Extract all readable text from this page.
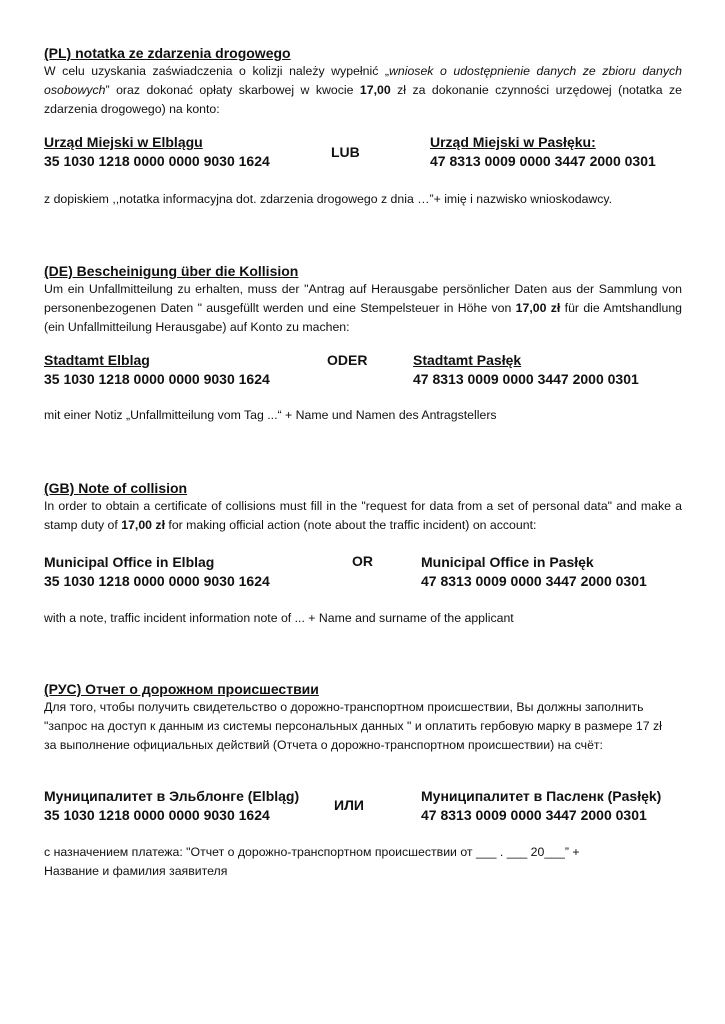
(PL) notatka ze zdarzenia drogowego
W celu uzyskania zaświadczenia o kolizji należy wypełnić „wniosek o udostępnienie danych ze zbioru danych osobowych” oraz dokonać opłaty skarbowej w kwocie 17,00 zł za dokonanie czynności urzędowej (notatka ze zdarzenia drogowego) na konto:
Urząd Miejski w Elblągu
35 1030 1218 0000 0000 9030 1624
LUB
Urząd Miejski w Pasłęku:
47 8313 0009 0000 3447 2000 0301
z dopiskiem ,,notatka informacyjna dot. zdarzenia drogowego z dnia …”+ imię i nazwisko wnioskodawcy.
(DE) Bescheinigung über die Kollision
Um ein Unfallmitteilung zu erhalten, muss der "Antrag auf Herausgabe persönlicher Daten aus der Sammlung von personenbezogenen Daten " ausgefüllt werden und eine Stempelsteuer in Höhe von 17,00 zł für die Amtshandlung (ein Unfallmitteilung Herausgabe) auf Konto zu machen:
Stadtamt Elblag
35 1030 1218 0000 0000 9030 1624
ODER	Stadtamt Pasłęk
47 8313 0009 0000 3447 2000 0301
mit einer Notiz „Unfallmitteilung vom Tag ...“ + Name und Namen des Antragstellers
(GB) Note of collision
In order to obtain a certificate of collisions must fill in the "request for data from a set of personal data" and make a stamp duty of 17,00 zł for making official action (note about the traffic incident) on account:
Municipal Office in Elblag
35 1030 1218 0000 0000 9030 1624
OR	Municipal Office in Pasłęk
47 8313 0009 0000 3447 2000 0301
with a note, traffic incident information note of ... + Name and surname of the applicant
(РУС) Отчет о дорожном происшествии
Для того, чтобы получить свидетельство о дорожно-транспортном происшествии, Вы должны заполнить "запрос на доступ к данным из системы персональных данных " и оплатить гербовую марку в размере 17 zł за выполнение официальных действий (Отчета о дорожно-транспортном происшествии) на счёт:
Муниципалитет в Эльблонге (Elbląg)
35 1030 1218 0000 0000 9030 1624
ИЛИ
Муниципалитет в Пасленк (Pasłęk)
47 8313 0009 0000 3447 2000 0301
с назначением платежа: "Отчет о дорожно-транспортном происшествии от ___ . ___ 20___” +
Название и фамилия заявителя
